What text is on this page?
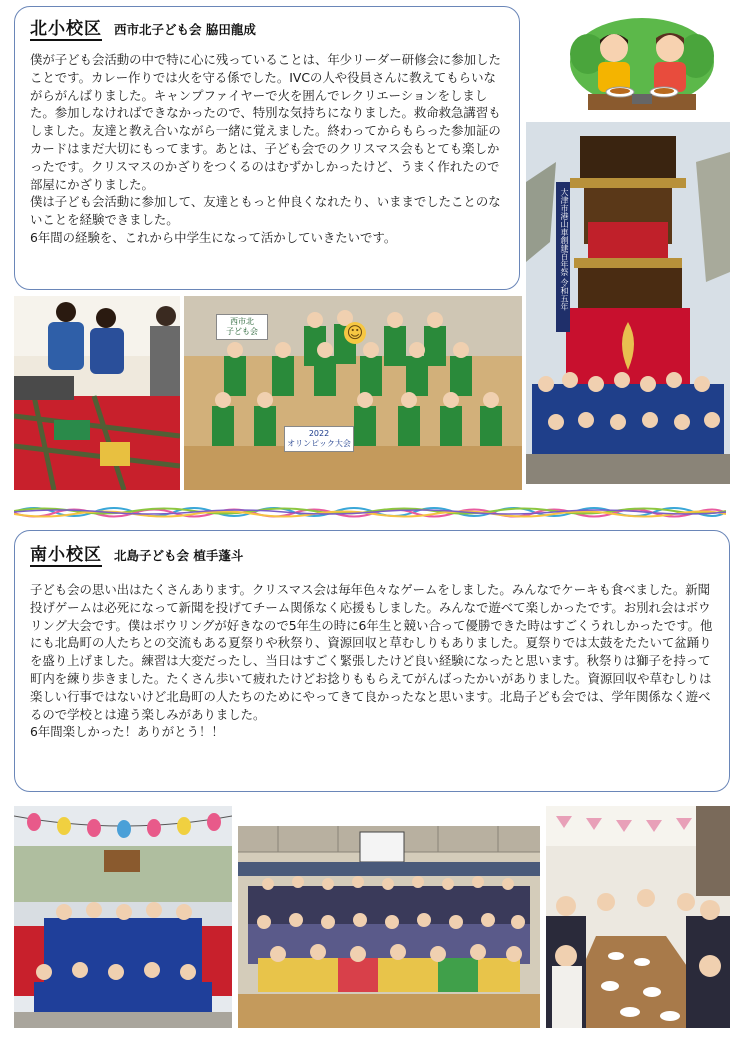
北小校区 西市北子ども会 脇田龍成

僕が子ども会活動の中で特に心に残っていることは、年少リーダー研修会に参加したことです。カレー作りでは火を守る係でした。IVCの人や役員さんに教えてもらいながらがんばりました。キャンプファイヤーで火を囲んでレクリエーションをしました。参加しなければできなかったので、特別な気持ちになりました。救命救急講習もしました。友達と教え合いながら一緒に覚えました。終わってからもらった参加証のカードはまだ大切にもってます。あとは、子ども会でのクリスマス会もとても楽しかったです。クリスマスのかざりをつくるのはむずかしかったけど、うまく作れたので部屋にかざりました。

僕は子ども会活動に参加して、友達ともっと仲良くなれたり、いままでしたことのないことを経験できました。

6年間の経験を、これから中学生になって活かしていきたいです。	大津市港山車創建百年祭 令和五年
西市北
子ども会
2022
オリンピック大会
☺
南小校区 北島子ども会 植手蓬斗

子ども会の思い出はたくさんあります。クリスマス会は毎年色々なゲームをしました。みんなでケーキも食べました。新聞投げゲームは必死になって新聞を投げてチーム関係なく応援もしました。みんなで遊べて楽しかったです。お別れ会はボウリング大会です。僕はボウリングが好きなので5年生の時に6年生と競い合って優勝できた時はすごくうれしかったです。他にも北島町の人たちとの交流もある夏祭りや秋祭り、資源回収と草むしりもありました。夏祭りでは太鼓をたたいて盆踊りを盛り上げました。練習は大変だったし、当日はすごく緊張したけど良い経験になったと思います。秋祭りは獅子を持って町内を練り歩きました。たくさん歩いて疲れたけどお捻りももらえてがんばったかいがありました。資源回収や草むしりは楽しい行事ではないけど北島町の人たちのためにやってきて良かったなと思います。北島子ども会では、学年関係なく遊べるので学校とは違う楽しみがありました。

6年間楽しかった！ありがとう！！
